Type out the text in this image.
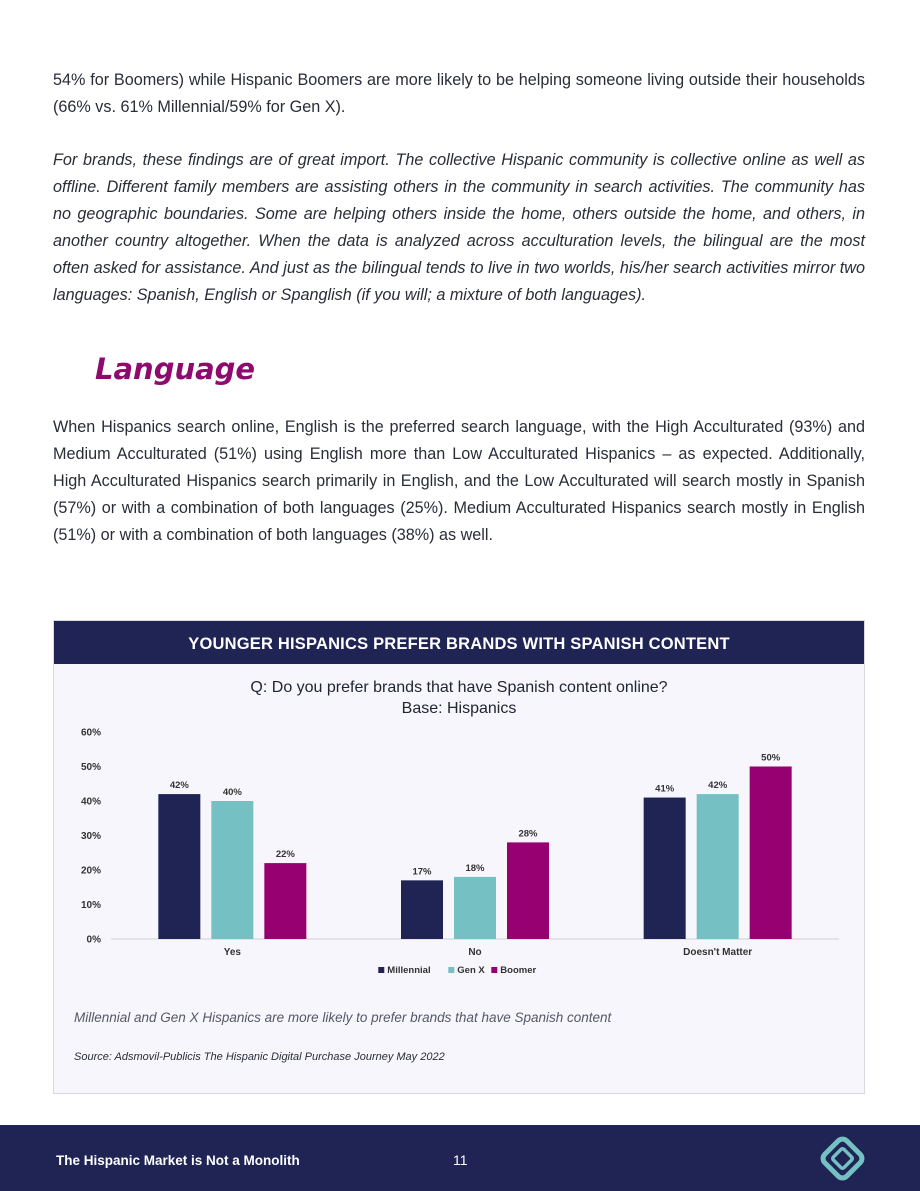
54% for Boomers) while Hispanic Boomers are more likely to be helping someone living outside their households (66% vs. 61% Millennial/59% for Gen X).

For brands, these findings are of great import. The collective Hispanic community is collective online as well as offline. Different family members are assisting others in the community in search activities. The community has no geographic boundaries. Some are helping others inside the home, others outside the home, and others, in another country altogether. When the data is analyzed across acculturation levels, the bilingual are the most often asked for assistance. And just as the bilingual tends to live in two worlds, his/her search activities mirror two languages: Spanish, English or Spanglish (if you will; a mixture of both languages).

Language

When Hispanics search online, English is the preferred search language, with the High Acculturated (93%) and Medium Acculturated (51%) using English more than Low Acculturated Hispanics – as expected. Additionally, High Acculturated Hispanics search primarily in English, and the Low Acculturated will search mostly in Spanish (57%) or with a combination of both languages (25%). Medium Acculturated Hispanics search mostly in English (51%) or with a combination of both languages (38%) as well.

YOUNGER HISPANICS PREFER BRANDS WITH SPANISH CONTENT
Q: Do you prefer brands that have Spanish content online?
Base: Hispanics
0%
10%
20%
30%
40%
50%
60%
42%
40%
22%
Yes
17%	18%
28%
No
41%	42%
50%
Doesn't Matter
Millennial	Gen X Boomer
Millennial and Gen X Hispanics are more likely to prefer brands that have Spanish content
Source: Adsmovil-Publicis The Hispanic Digital Purchase Journey May 2022
The Hispanic Market is Not a Monolith	11
